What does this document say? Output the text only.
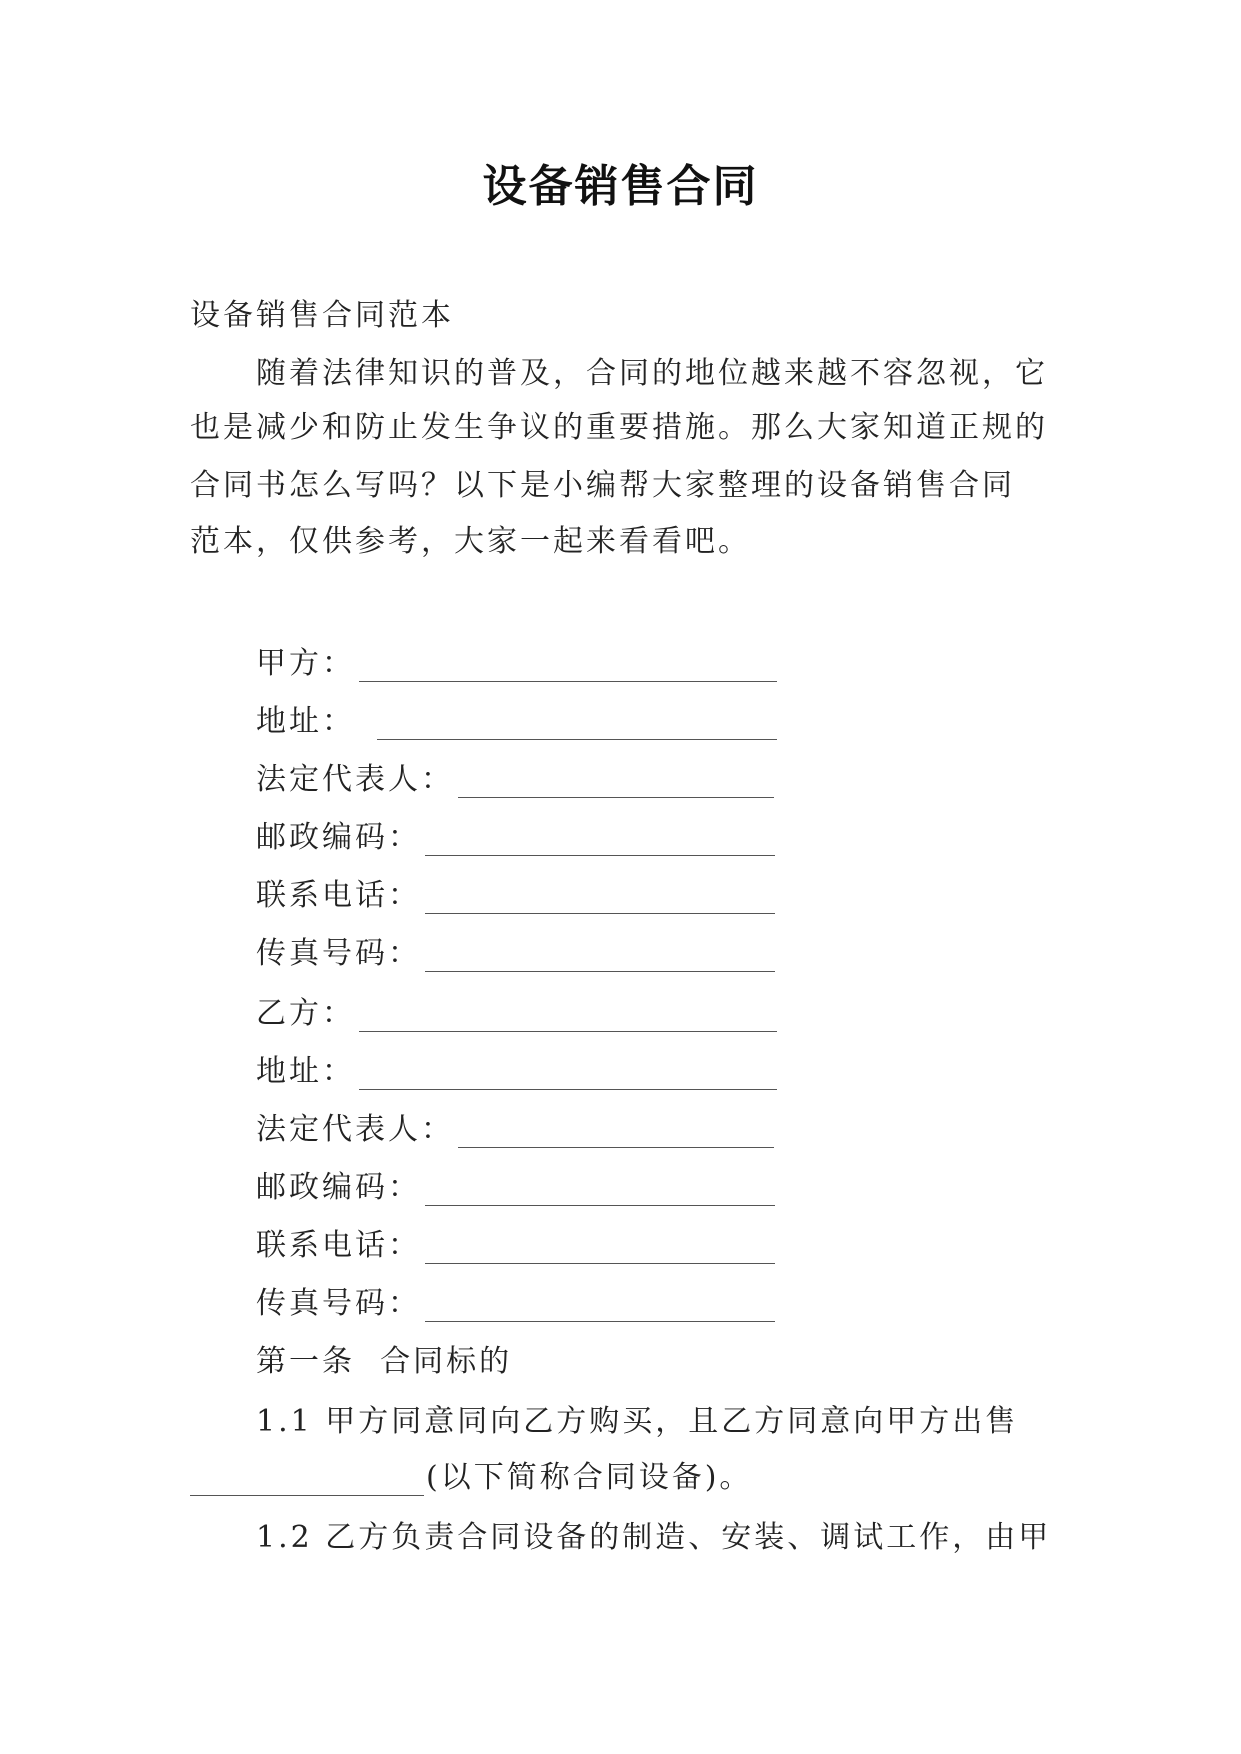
设备销售合同
设备销售合同范本
随着法律知识的普及，合同的地位越来越不容忽视，它
也是减少和防止发生争议的重要措施。那么大家知道正规的
合同书怎么写吗？以下是小编帮大家整理的设备销售合同
范本，仅供参考，大家一起来看看吧。
甲方：
地址：
法定代表人：
邮政编码：
联系电话：
传真号码：
乙方：
地址：
法定代表人：
邮政编码：
联系电话：
传真号码：
第一条  合同标的
1.1 甲方同意同向乙方购买，且乙方同意向甲方出售
(以下简称合同设备)。
1.2 乙方负责合同设备的制造、安装、调试工作，由甲
